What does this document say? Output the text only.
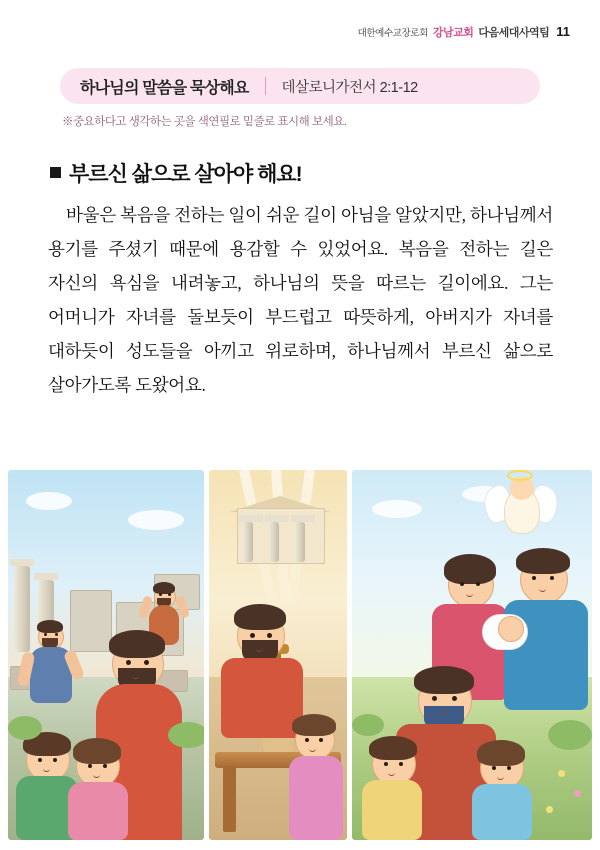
대한예수교장로회 강남교회 다음세대사역팀 11
하나님의 말씀을 묵상해요 데살로니가전서 2:1-12
※중요하다고 생각하는 곳을 색연필로 밑줄로 표시해 보세요.
부르신 삶으로 살아야 해요!
바울은 복음을 전하는 일이 쉬운 길이 아님을 알았지만, 하나님께서 용기를 주셨기 때문에 용감할 수 있었어요. 복음을 전하는 길은 자신의 욕심을 내려놓고, 하나님의 뜻을 따르는 길이에요. 그는 어머니가 자녀를 돌보듯이 부드럽고 따뜻하게, 아버지가 자녀를 대하듯이 성도들을 아끼고 위로하며, 하나님께서 부르신 삶으로 살아가도록 도왔어요.
